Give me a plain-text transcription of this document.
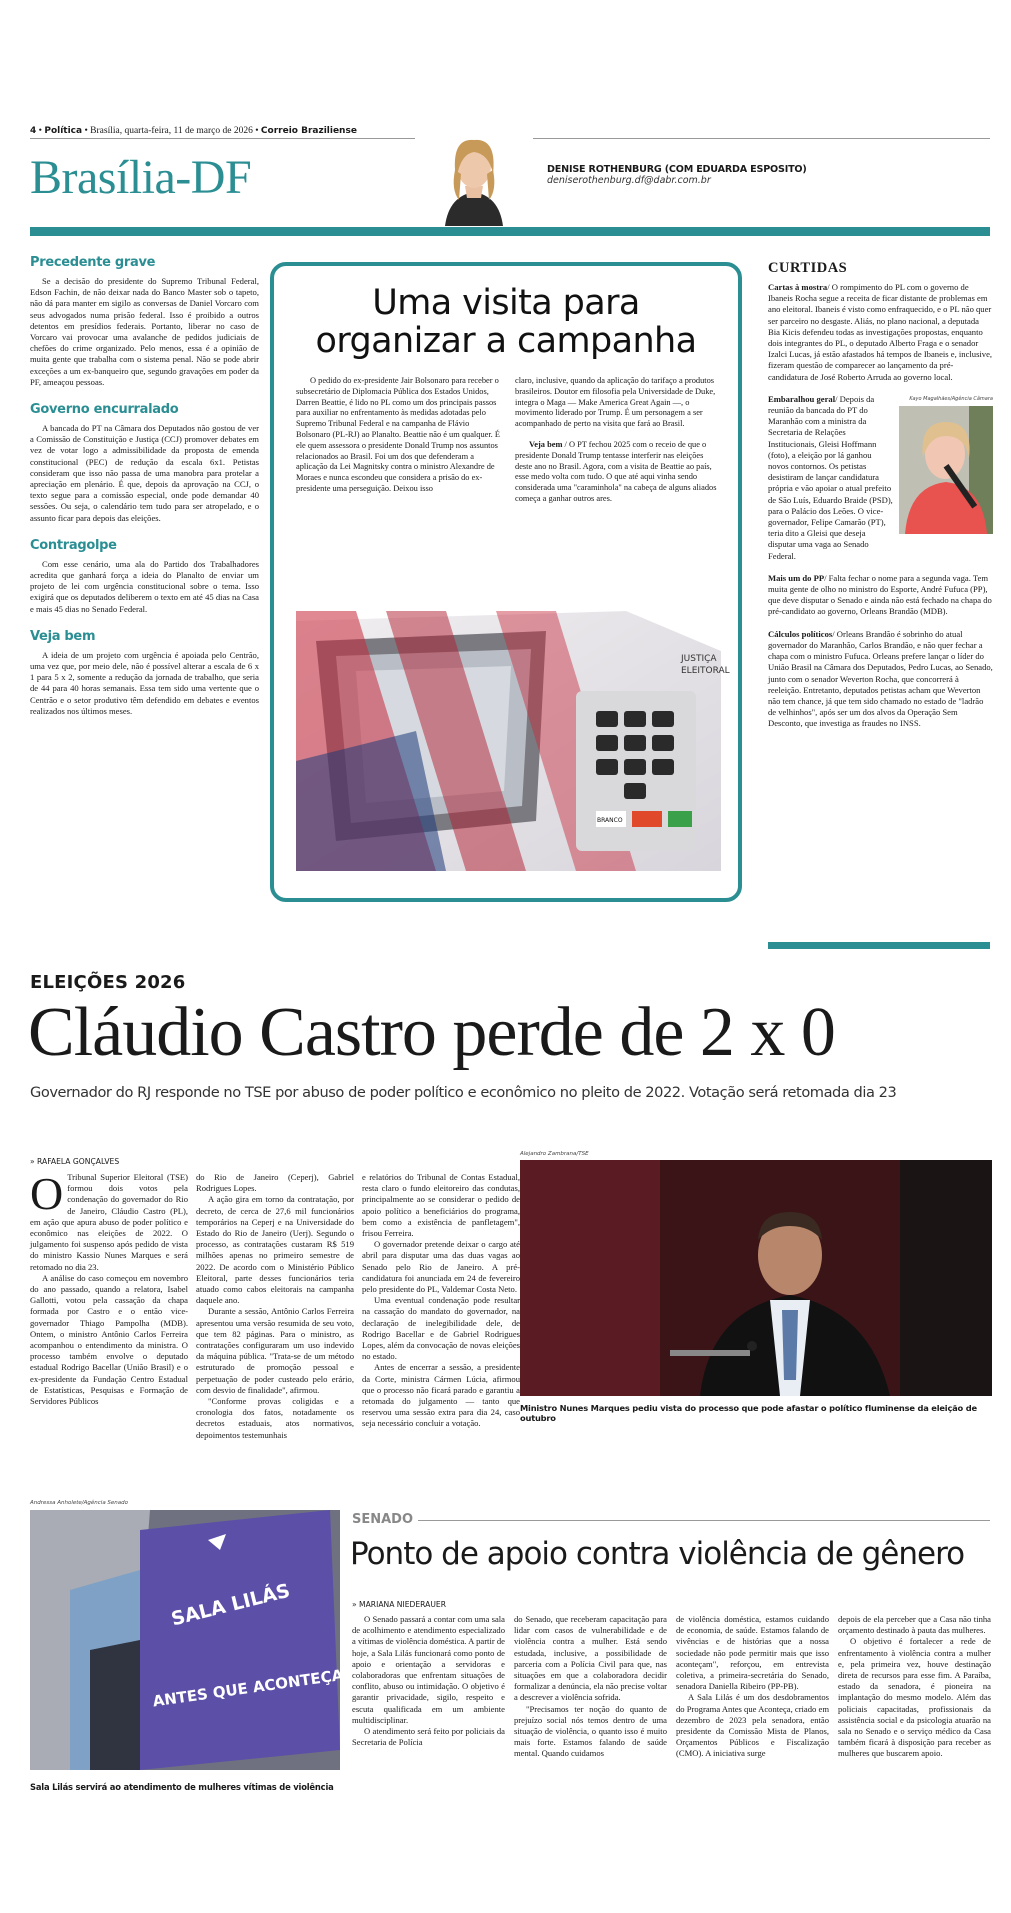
4 • Política • Brasília, quarta-feira, 11 de março de 2026 • Correio Braziliense
Brasília-DF	DENISE ROTHENBURG (COM EDUARDA ESPOSITO)
deniserothenburg.df@dabr.com.br
Precedente grave

Se a decisão do presidente do Supremo Tribunal Federal, Edson Fachin, de não deixar nada do Banco Master sob o tapeto, não dá para manter em sigilo as conversas de Daniel Vorcaro com seus advogados numa prisão federal. Isso é proibido a outros detentos em presídios federais. Portanto, liberar no caso de Vorcaro vai provocar uma avalanche de pedidos judiciais de chefões do crime organizado. Pelo menos, essa é a opinião de muita gente que trabalha com o sistema penal. Não se pode abrir exceções a um ex-banqueiro que, segundo gravações em poder da PF, ameaçou pessoas.

Governo encurralado

A bancada do PT na Câmara dos Deputados não gostou de ver a Comissão de Constituição e Justiça (CCJ) promover debates em vez de votar logo a admissibilidade da proposta de emenda constitucional (PEC) de redução da escala 6x1. Petistas consideram que isso não passa de uma manobra para protelar a apreciação em plenário. É que, depois da aprovação na CCJ, o texto segue para a comissão especial, onde pode demandar 40 sessões. Ou seja, o calendário tem tudo para ser atropelado, e o assunto ficar para depois das eleições.

Contragolpe

Com esse cenário, uma ala do Partido dos Trabalhadores acredita que ganhará força a ideia do Planalto de enviar um projeto de lei com urgência constitucional sobre o tema. Isso exigirá que os deputados deliberem o texto em até 45 dias na Casa e mais 45 dias no Senado Federal.

Veja bem

A ideia de um projeto com urgência é apoiada pelo Centrão, uma vez que, por meio dele, não é possível alterar a escala de 6 x 1 para 5 x 2, somente a redução da jornada de trabalho, que seria de 44 para 40 horas semanais. Essa tem sido uma vertente que o Centrão e o setor produtivo têm defendido em debates e eventos realizados nos últimos meses.

Uma visita para
organizar a campanha

O pedido do ex-presidente Jair Bolsonaro para receber o subsecretário de Diplomacia Pública dos Estados Unidos, Darren Beattie, é lido no PL como um dos principais passos para auxiliar no enfrentamento às medidas adotadas pelo Supremo Tribunal Federal e na campanha de Flávio Bolsonaro (PL-RJ) ao Planalto. Beattie não é um qualquer. É ele quem assessora o presidente Donald Trump nos assuntos relacionados ao Brasil. Foi um dos que defenderam a aplicação da Lei Magnitsky contra o ministro Alexandre de Moraes e nunca escondeu que considera a prisão do ex-presidente uma perseguição. Deixou isso

claro, inclusive, quando da aplicação do tarifaço a produtos brasileiros. Doutor em filosofia pela Universidade de Duke, integra o Maga — Make America Great Again —, o movimento liderado por Trump. É um personagem a ser acompanhado de perto na visita que fará ao Brasil.

Veja bem / O PT fechou 2025 com o receio de que o presidente Donald Trump tentasse interferir nas eleições deste ano no Brasil. Agora, com a visita de Beattie ao país, esse medo volta com tudo. O que até aqui vinha sendo considerada uma "caraminhola" na cabeça de alguns aliados começa a ganhar outros ares.

BRANCO
JUSTIÇA
ELEITORAL
CURTIDAS

Cartas à mostra/ O rompimento do PL com o governo de Ibaneis Rocha segue a receita de ficar distante de problemas em ano eleitoral. Ibaneis é visto como enfraquecido, e o PL não quer ser parceiro no desgaste. Aliás, no plano nacional, a deputada Bia Kicis defendeu todas as investigações propostas, enquanto dois integrantes do PL, o deputado Alberto Fraga e o senador Izalci Lucas, já estão afastados há tempos de Ibaneis e, inclusive, fizeram questão de comparecer ao lançamento da pré-candidatura de José Roberto Arruda ao governo local.

Kayo Magalhães/Agência Câmara

Embaralhou geral/ Depois da reunião da bancada do PT do Maranhão com a ministra da Secretaria de Relações Institucionais, Gleisi Hoffmann (foto), a eleição por lá ganhou novos contornos. Os petistas desistiram de lançar candidatura própria e vão apoiar o atual prefeito de São Luís, Eduardo Braide (PSD), para o Palácio dos Leões. O vice-governador, Felipe Camarão (PT), teria dito a Gleisi que deseja disputar uma vaga ao Senado Federal.

Mais um do PP/ Falta fechar o nome para a segunda vaga. Tem muita gente de olho no ministro do Esporte, André Fufuca (PP), que deve disputar o Senado e ainda não está fechado na chapa do pré-candidato ao governo, Orleans Brandão (MDB).

Cálculos políticos/ Orleans Brandão é sobrinho do atual governador do Maranhão, Carlos Brandão, e não quer fechar a chapa com o ministro Fufuca. Orleans prefere lançar o líder do União Brasil na Câmara dos Deputados, Pedro Lucas, ao Senado, junto com o senador Weverton Rocha, que concorrerá à reeleição. Entretanto, deputados petistas acham que Weverton não tem chance, já que tem sido chamado no estado de "ladrão de velhinhos", após ser um dos alvos da Operação Sem Desconto, que investiga as fraudes no INSS.

ELEIÇÕES 2026
Cláudio Castro perde de 2 x 0
Governador do RJ responde no TSE por abuso de poder político e econômico no pleito de 2022. Votação será retomada dia 23
» RAFAELA GONÇALVES

O Tribunal Superior Eleitoral (TSE) formou dois votos pela condenação do governador do Rio de Janeiro, Cláudio Castro (PL), em ação que apura abuso de poder político e econômico nas eleições de 2022. O julgamento foi suspenso após pedido de vista do ministro Kassio Nunes Marques e será retomado no dia 23.

A análise do caso começou em novembro do ano passado, quando a relatora, Isabel Gallotti, votou pela cassação da chapa formada por Castro e o então vice-governador Thiago Pampolha (MDB). Ontem, o ministro Antônio Carlos Ferreira acompanhou o entendimento da ministra. O processo também envolve o deputado estadual Rodrigo Bacellar (União Brasil) e o ex-presidente da Fundação Centro Estadual de Estatísticas, Pesquisas e Formação de Servidores Públicos

do Rio de Janeiro (Ceperj), Gabriel Rodrigues Lopes.

A ação gira em torno da contratação, por decreto, de cerca de 27,6 mil funcionários temporários na Ceperj e na Universidade do Estado do Rio de Janeiro (Uerj). Segundo o processo, as contratações custaram R$ 519 milhões apenas no primeiro semestre de 2022. De acordo com o Ministério Público Eleitoral, parte desses funcionários teria atuado como cabos eleitorais na campanha daquele ano.

Durante a sessão, Antônio Carlos Ferreira apresentou uma versão resumida de seu voto, que tem 82 páginas. Para o ministro, as contratações configuraram um uso indevido da máquina pública. "Trata-se de um método estruturado de promoção pessoal e perpetuação de poder custeado pelo erário, com desvio de finalidade", afirmou.

"Conforme provas coligidas e a cronologia dos fatos, notadamente os decretos estaduais, atos normativos, depoimentos testemunhais

e relatórios do Tribunal de Contas Estadual, resta claro o fundo eleitoreiro das condutas, principalmente ao se considerar o pedido de apoio político a beneficiários do programa, bem como a existência de panfletagem", frisou Ferreira.

O governador pretende deixar o cargo até abril para disputar uma das duas vagas ao Senado pelo Rio de Janeiro. A pré-candidatura foi anunciada em 24 de fevereiro pelo presidente do PL, Valdemar Costa Neto.

Uma eventual condenação pode resultar na cassação do mandato do governador, na declaração de inelegibilidade dele, de Rodrigo Bacellar e de Gabriel Rodrigues Lopes, além da convocação de novas eleições no estado.

Antes de encerrar a sessão, a presidente da Corte, ministra Cármen Lúcia, afirmou que o processo não ficará parado e garantiu a retomada do julgamento — tanto que reservou uma sessão extra para dia 24, caso seja necessário concluir a votação.

Alejandro Zambrana/TSE
Ministro Nunes Marques pediu vista do processo que pode afastar o político fluminense da eleição de outubro
Andressa Anholete/Agência Senado
SALA LILÁS
ANTES QUE ACONTEÇA
Sala Lilás servirá ao atendimento de mulheres vítimas de violência
SENADO
Ponto de apoio contra violência de gênero
» MARIANA NIEDERAUER

O Senado passará a contar com uma sala de acolhimento e atendimento especializado a vítimas de violência doméstica. A partir de hoje, a Sala Lilás funcionará como ponto de apoio e orientação a servidoras e colaboradoras que enfrentam situações de conflito, abuso ou intimidação. O objetivo é garantir privacidade, sigilo, respeito e escuta qualificada em um ambiente multidisciplinar.

O atendimento será feito por policiais da Secretaria de Polícia

do Senado, que receberam capacitação para lidar com casos de vulnerabilidade e de violência contra a mulher. Está sendo estudada, inclusive, a possibilidade de parceria com a Polícia Civil para que, nas situações em que a colaboradora decidir formalizar a denúncia, ela não precise voltar a descrever a violência sofrida.

"Precisamos ter noção do quanto de prejuízo social nós temos dentro de uma situação de violência, o quanto isso é muito mais forte. Estamos falando de saúde mental. Quando cuidamos

de violência doméstica, estamos cuidando de economia, de saúde. Estamos falando de vivências e de histórias que a nossa sociedade não pode permitir mais que isso aconteçam", reforçou, em entrevista coletiva, a primeira-secretária do Senado, senadora Daniella Ribeiro (PP-PB).

A Sala Lilás é um dos desdobramentos do Programa Antes que Aconteça, criado em dezembro de 2023 pela senadora, então presidente da Comissão Mista de Planos, Orçamentos Públicos e Fiscalização (CMO). A iniciativa surge

depois de ela perceber que a Casa não tinha orçamento destinado à pauta das mulheres.

O objetivo é fortalecer a rede de enfrentamento à violência contra a mulher e, pela primeira vez, houve destinação direta de recursos para esse fim. A Paraíba, estado da senadora, é pioneira na implantação do mesmo modelo. Além das policiais capacitadas, profissionais da assistência social e da psicologia atuarão na sala no Senado e o serviço médico da Casa também ficará à disposição para receber as mulheres que buscarem apoio.
